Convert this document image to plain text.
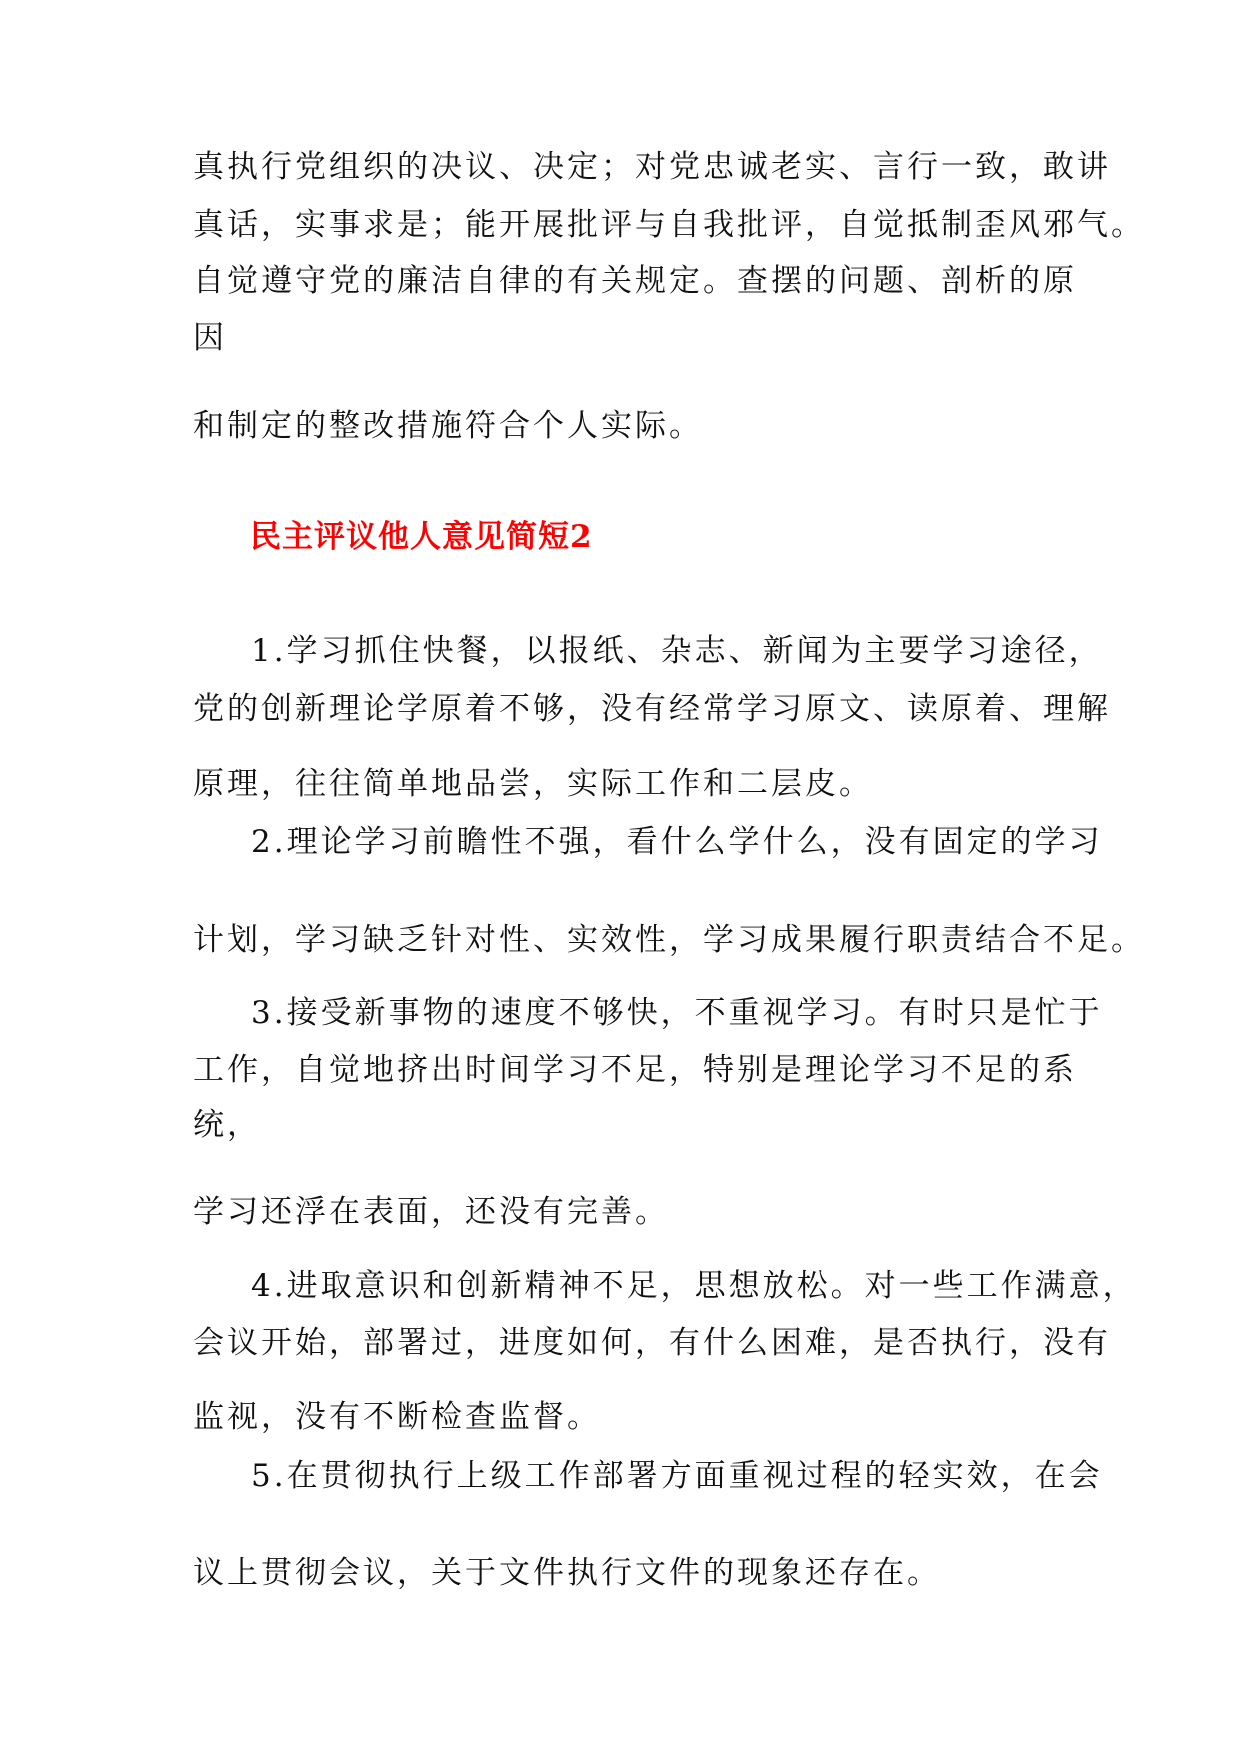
真执行党组织的决议、决定；对党忠诚老实、言行一致，敢讲
真话，实事求是；能开展批评与自我批评，自觉抵制歪风邪气。
自觉遵守党的廉洁自律的有关规定。查摆的问题、剖析的原
因
和制定的整改措施符合个人实际。
民主评议他人意见简短2
1.学习抓住快餐，以报纸、杂志、新闻为主要学习途径，
党的创新理论学原着不够，没有经常学习原文、读原着、理解
原理，往往简单地品尝，实际工作和二层皮。
2.理论学习前瞻性不强，看什么学什么，没有固定的学习
计划，学习缺乏针对性、实效性，学习成果履行职责结合不足。
3.接受新事物的速度不够快，不重视学习。有时只是忙于
工作，自觉地挤出时间学习不足，特别是理论学习不足的系
统，
学习还浮在表面，还没有完善。
4.进取意识和创新精神不足，思想放松。对一些工作满意，
会议开始，部署过，进度如何，有什么困难，是否执行，没有
监视，没有不断检查监督。
5.在贯彻执行上级工作部署方面重视过程的轻实效，在会
议上贯彻会议，关于文件执行文件的现象还存在。
